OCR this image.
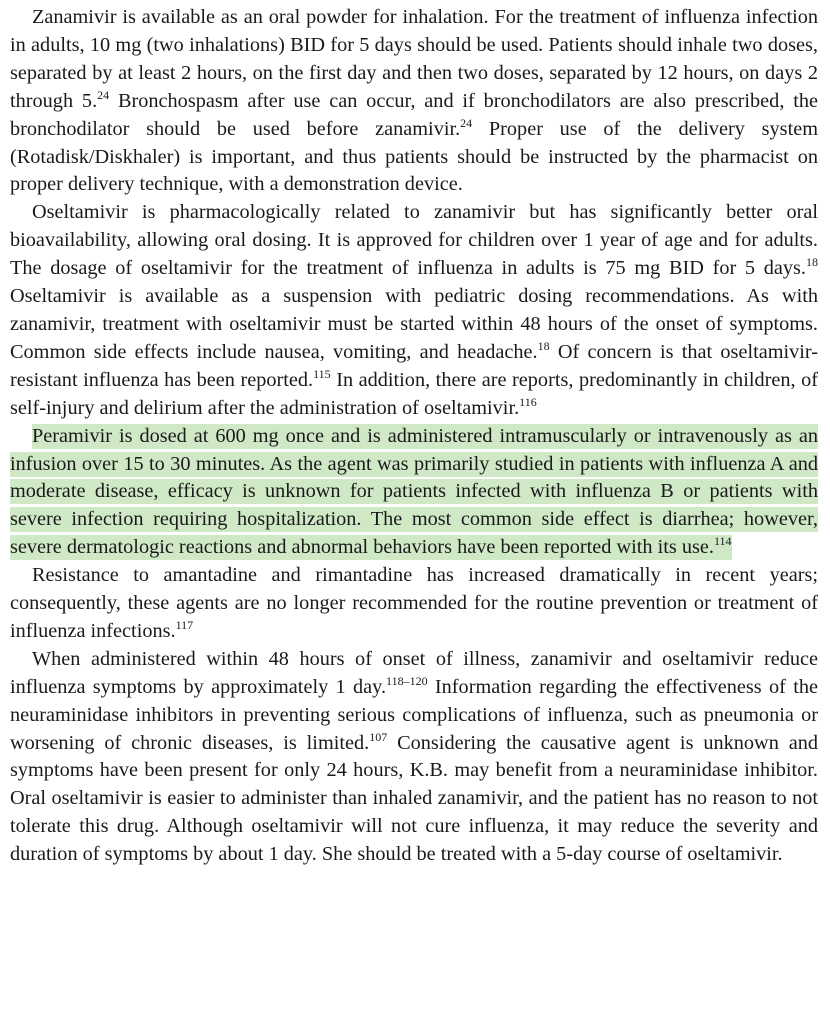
Zanamivir is available as an oral powder for inhalation. For the treatment of influenza infection in adults, 10 mg (two inhalations) BID for 5 days should be used. Patients should inhale two doses, separated by at least 2 hours, on the first day and then two doses, separated by 12 hours, on days 2 through 5.24 Bronchospasm after use can occur, and if bronchodilators are also prescribed, the bronchodilator should be used before zanamivir.$^{24}$ Proper use of the delivery system (Rotadisk/Diskhaler) is important, and thus patients should be instructed by the pharmacist on proper delivery technique, with a demonstration device.

Oseltamivir is pharmacologically related to zanamivir but has significantly better oral bioavailability, allowing oral dosing. It is approved for children over 1 year of age and for adults. The dosage of oseltamivir for the treatment of influenza in adults is 75 mg BID for 5 days.$^{18}$ Oseltamivir is available as a suspension with pediatric dosing recommendations. As with zanamivir, treatment with oseltamivir must be started within 48 hours of the onset of symptoms. Common side effects include nausea, vomiting, and headache.$^{18}$ Of concern is that oseltamivir-resistant influenza has been reported.$^{115}$ In addition, there are reports, predominantly in children, of self-injury and delirium after the administration of oseltamivir.$^{116}$

Peramivir is dosed at 600 mg once and is administered intramuscularly or intravenously as an infusion over 15 to 30 minutes. As the agent was primarily studied in patients with influenza A and moderate disease, efficacy is unknown for patients infected with influenza B or patients with severe infection requiring hospitalization. The most common side effect is diarrhea; however, severe dermatologic reactions and abnormal behaviors have been reported with its use.$^{114}$

Resistance to amantadine and rimantadine has increased dramatically in recent years; consequently, these agents are no longer recommended for the routine prevention or treatment of influenza infections.$^{117}$

When administered within 48 hours of onset of illness, zanamivir and oseltamivir reduce influenza symptoms by approximately 1 day.$^{118-120}$ Information regarding the effectiveness of the neuraminidase inhibitors in preventing serious complications of influenza, such as pneumonia or worsening of chronic diseases, is limited.$^{107}$ Considering the causative agent is unknown and symptoms have been present for only 24 hours, K.B. may benefit from a neuraminidase inhibitor. Oral oseltamivir is easier to administer than inhaled zanamivir, and the patient has no reason to not tolerate this drug. Although oseltamivir will not cure influenza, it may reduce the severity and duration of symptoms by about 1 day. She should be treated with a 5-day course of oseltamivir.
